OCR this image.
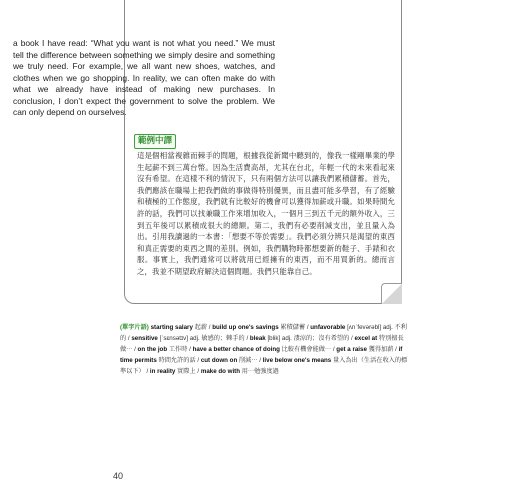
a book I have read: “What you want is not what you need.” We must tell the difference between something we simply desire and something we truly need. For example, we all want new shoes, watches, and clothes when we go shopping. In reality, we can often make do with what we already have instead of making new purchases. In conclusion, I don’t expect the government to solve the problem. We can only depend on ourselves.

範例中譯

這是個相當複雜而棘手的問題，根據我從新聞中聽到的，像我一樣剛畢業的學生起薪不到三萬台幣。因為生活費高昂，尤其在台北，年輕一代的未來看起來沒有希望。在這樣不利的情況下，只有兩個方法可以讓我們累積儲蓄。首先，我們應該在職場上把我們做的事做得特別優異，而且盡可能多學習，有了經驗和積極的工作態度，我們就有比較好的機會可以獲得加薪或升職。如果時間允許的話，我們可以找兼職工作來增加收入，一個月三到五千元的額外收入，三到五年後可以累積成很大的總額。第二，我們有必要削減支出，並且量入為出。引用我讀過的一本書：「想要不等於需要」。我們必須分辨只是渴望的東西和真正需要的東西之間的差別。例如，我們購物時都想要新的鞋子、手錶和衣服。事實上，我們通常可以將就用已經擁有的東西，而不用買新的。總而言之，我並不期望政府解決這個問題。我們只能靠自己。

(單字片語) starting salary 起薪 / build up one's savings 累積儲蓄 / unfavorable [ʌnˈfevərəbl] adj. 不利的 / sensitive [ˈsɛnsətɪv] adj. 敏感的；棘手的 / bleak [blik] adj. 淒涼的；沒有希望的 / excel at 特別擅長做⋯ / on the job 工作時 / have a better chance of doing 比較有機會能做⋯ / get a raise 獲得加薪 / if time permits 時間允許的話 / cut down on 削減⋯ / live below one's means 量入為出（生活在收入的標準以下） / in reality 實際上 / make do with 用⋯勉強度過
40
